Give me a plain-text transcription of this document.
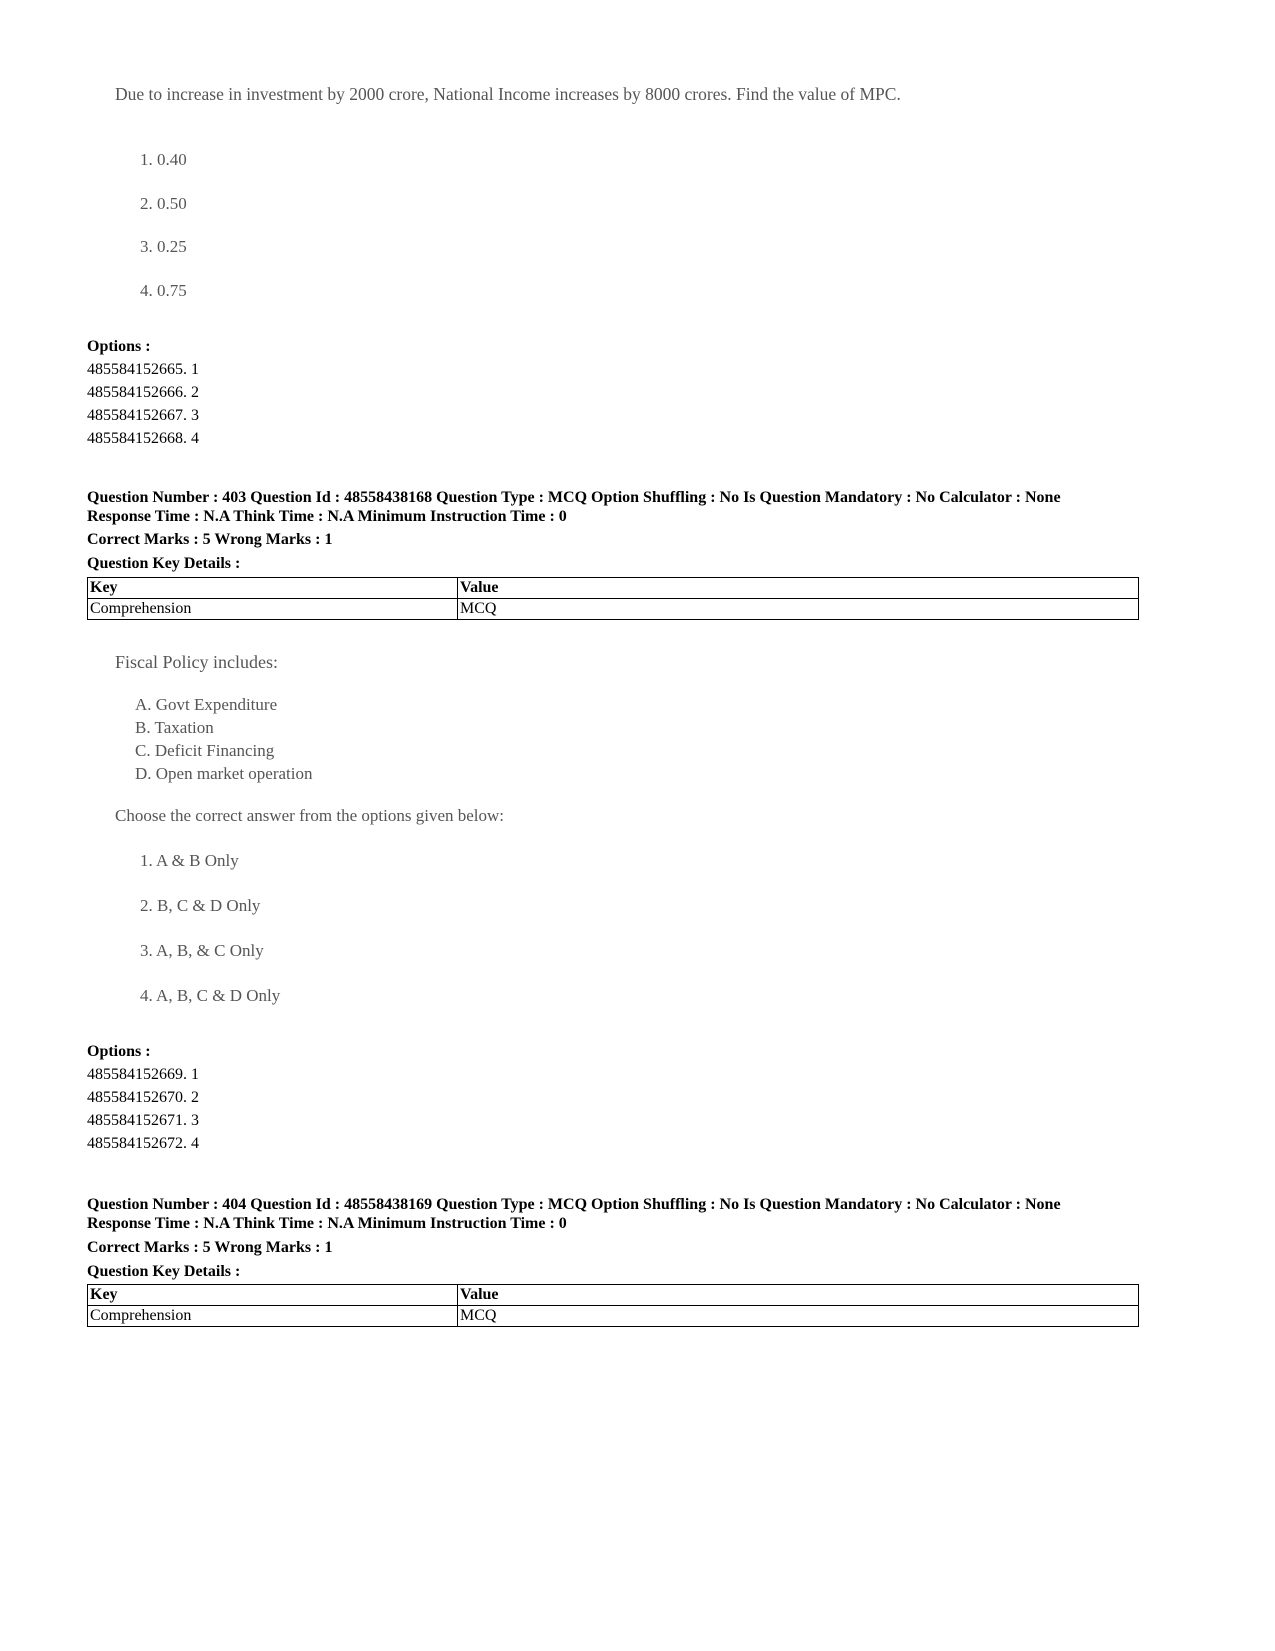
Due to increase in investment by 2000 crore, National Income increases by 8000 crores. Find the value of MPC.
1. 0.40
2. 0.50
3. 0.25
4. 0.75
Options :
485584152665. 1
485584152666. 2
485584152667. 3
485584152668. 4
Question Number : 403 Question Id : 48558438168 Question Type : MCQ Option Shuffling : No Is Question Mandatory : No Calculator : None
Response Time : N.A Think Time : N.A Minimum Instruction Time : 0
Correct Marks : 5 Wrong Marks : 1
Question Key Details :
Key	Value
Comprehension	MCQ
Fiscal Policy includes:
A. Govt Expenditure
B. Taxation
C. Deficit Financing
D. Open market operation
Choose the correct answer from the options given below:
1. A & B Only
2. B, C & D Only
3. A, B, & C Only
4. A, B, C & D Only
Options :
485584152669. 1
485584152670. 2
485584152671. 3
485584152672. 4
Question Number : 404 Question Id : 48558438169 Question Type : MCQ Option Shuffling : No Is Question Mandatory : No Calculator : None
Response Time : N.A Think Time : N.A Minimum Instruction Time : 0
Correct Marks : 5 Wrong Marks : 1
Question Key Details :
Key	Value
Comprehension	MCQ
